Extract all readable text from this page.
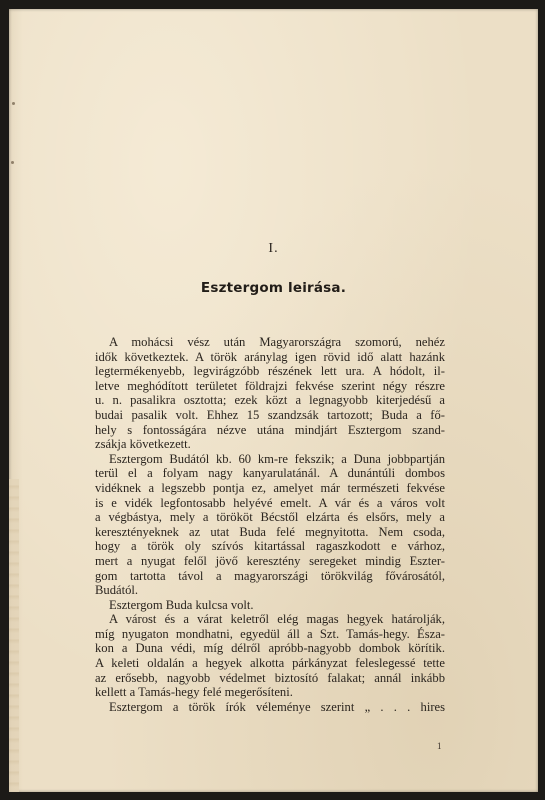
I.
Esztergom leirása.
A mohácsi vész után Magyarországra szomorú, nehéz
idők következtek. A török aránylag igen rövid idő alatt hazánk
legtermékenyebb, legvirágzóbb részének lett ura. A hódolt, il-
letve meghódított területet földrajzi fekvése szerint négy részre
u. n. pasalikra osztotta; ezek közt a legnagyobb kiterjedésű a
budai pasalik volt. Ehhez 15 szandzsák tartozott; Buda a fő-
hely s fontosságára nézve utána mindjárt Esztergom szand-
zsákja következett.
Esztergom Budától kb. 60 km-re fekszik; a Duna jobbpartján
terül el a folyam nagy kanyarulatánál. A dunántúli dombos
vidéknek a legszebb pontja ez, amelyet már természeti fekvése
is e vidék legfontosabb helyévé emelt. A vár és a város volt
a végbástya, mely a törököt Bécstől elzárta és elsőrs, mely a
keresztényeknek az utat Buda felé megnyitotta. Nem csoda,
hogy a török oly szívós kitartással ragaszkodott e várhoz,
mert a nyugat felől jövő keresztény seregeket mindig Eszter-
gom tartotta távol a magyarországi törökvilág fővárosától,
Budától.
Esztergom Buda kulcsa volt.
A várost és a várat keletről elég magas hegyek határolják,
míg nyugaton mondhatni, egyedül áll a Szt. Tamás-hegy. Észa-
kon a Duna védi, míg délről apróbb-nagyobb dombok körítik.
A keleti oldalán a hegyek alkotta párkányzat feleslegessé tette
az erősebb, nagyobb védelmet biztosító falakat; annál inkább
kellett a Tamás-hegy felé megerősíteni.
Esztergom a török írók véleménye szerint „ . . . hires
1
